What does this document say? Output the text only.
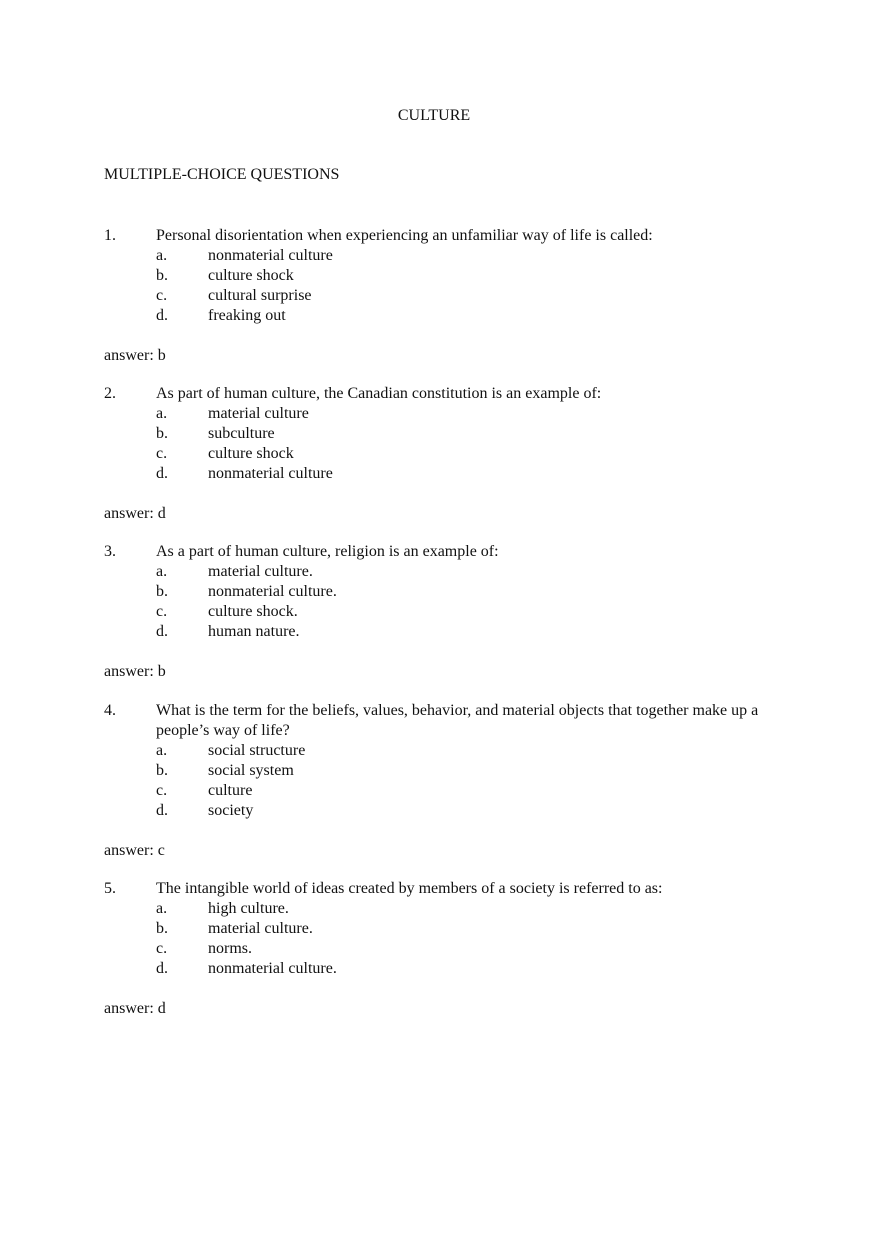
CULTURE
MULTIPLE-CHOICE QUESTIONS
1.	Personal disorientation when experiencing an unfamiliar way of life is called:
a.	nonmaterial culture
b.	culture shock
c.	cultural surprise
d.	freaking out
answer: b
2.	As part of human culture, the Canadian constitution is an example of:
a.	material culture
b.	subculture
c.	culture shock
d.	nonmaterial culture
answer: d
3.	As a part of human culture, religion is an example of:
a.	material culture.
b.	nonmaterial culture.
c.	culture shock.
d.	human nature.
answer: b
4.	What is the term for the beliefs, values, behavior, and material objects that together make up a people’s way of life?
a.	social structure
b.	social system
c.	culture
d.	society
answer: c
5.	The intangible world of ideas created by members of a society is referred to as:
a.	high culture.
b.	material culture.
c.	norms.
d.	nonmaterial culture.
answer: d
